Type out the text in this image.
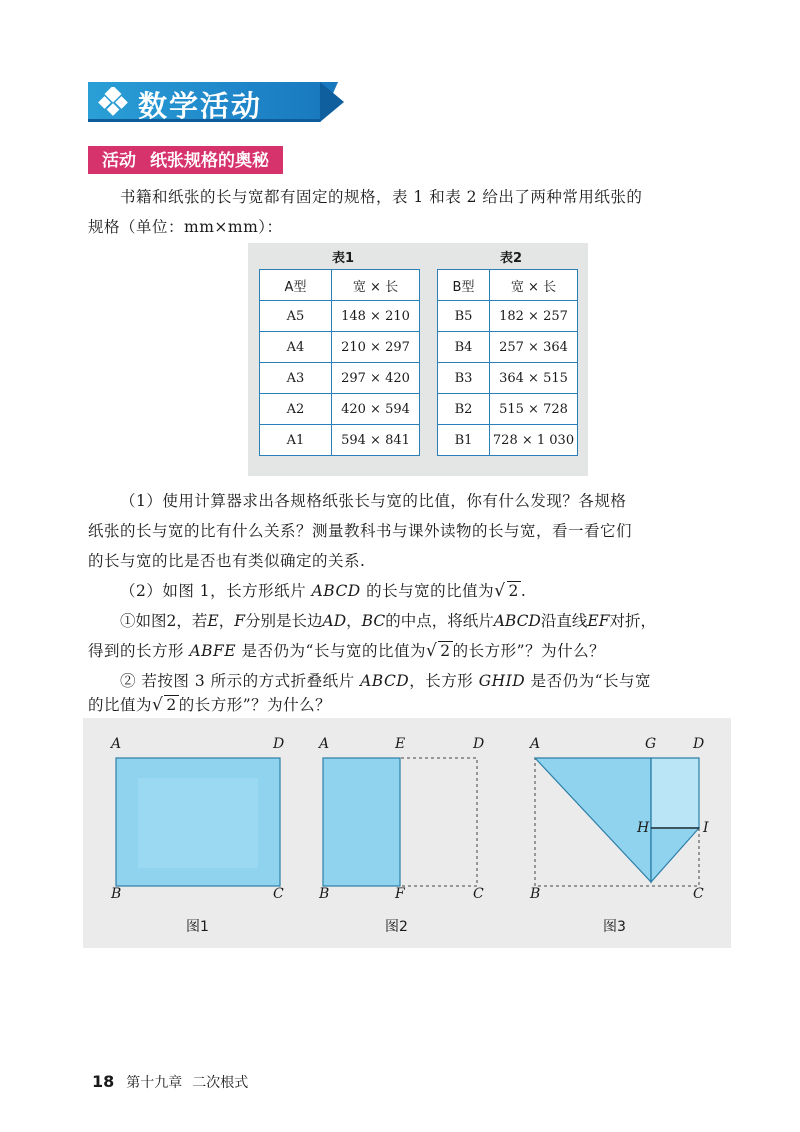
数学活动
活动 纸张规格的奥秘
书籍和纸张的长与宽都有固定的规格，表 1 和表 2 给出了两种常用纸张的
规格（单位：mm×mm）：
表1	表2
A型	宽 × 长
A5	148 × 210
A4	210 × 297
A3	297 × 420
A2	420 × 594
A1	594 × 841
B型	宽 × 长
B5	182 × 257
B4	257 × 364
B3	364 × 515
B2	515 × 728
B1	728 × 1 030
（1）使用计算器求出各规格纸张长与宽的比值，你有什么发现？各规格
纸张的长与宽的比有什么关系？测量教科书与课外读物的长与宽，看一看它们
的长与宽的比是否也有类似确定的关系.
（2）如图 1，长方形纸片 ABCD 的长与宽的比值为√ 2 .
①如图2，若E，F分别是长边AD，BC的中点，将纸片ABCD沿直线EF对折，
得到的长方形 ABFE 是否仍为“长与宽的比值为√ 2 的长方形”？为什么？
② 若按图 3 所示的方式折叠纸片 ABCD，长方形 GHID 是否仍为“长与宽
的比值为√ 2 的长方形”？为什么？
A	D
B	C
图1
A	E	D
B	F	C
图2
A	G	D
H	I
B	C
图3
18 第十九章 二次根式
